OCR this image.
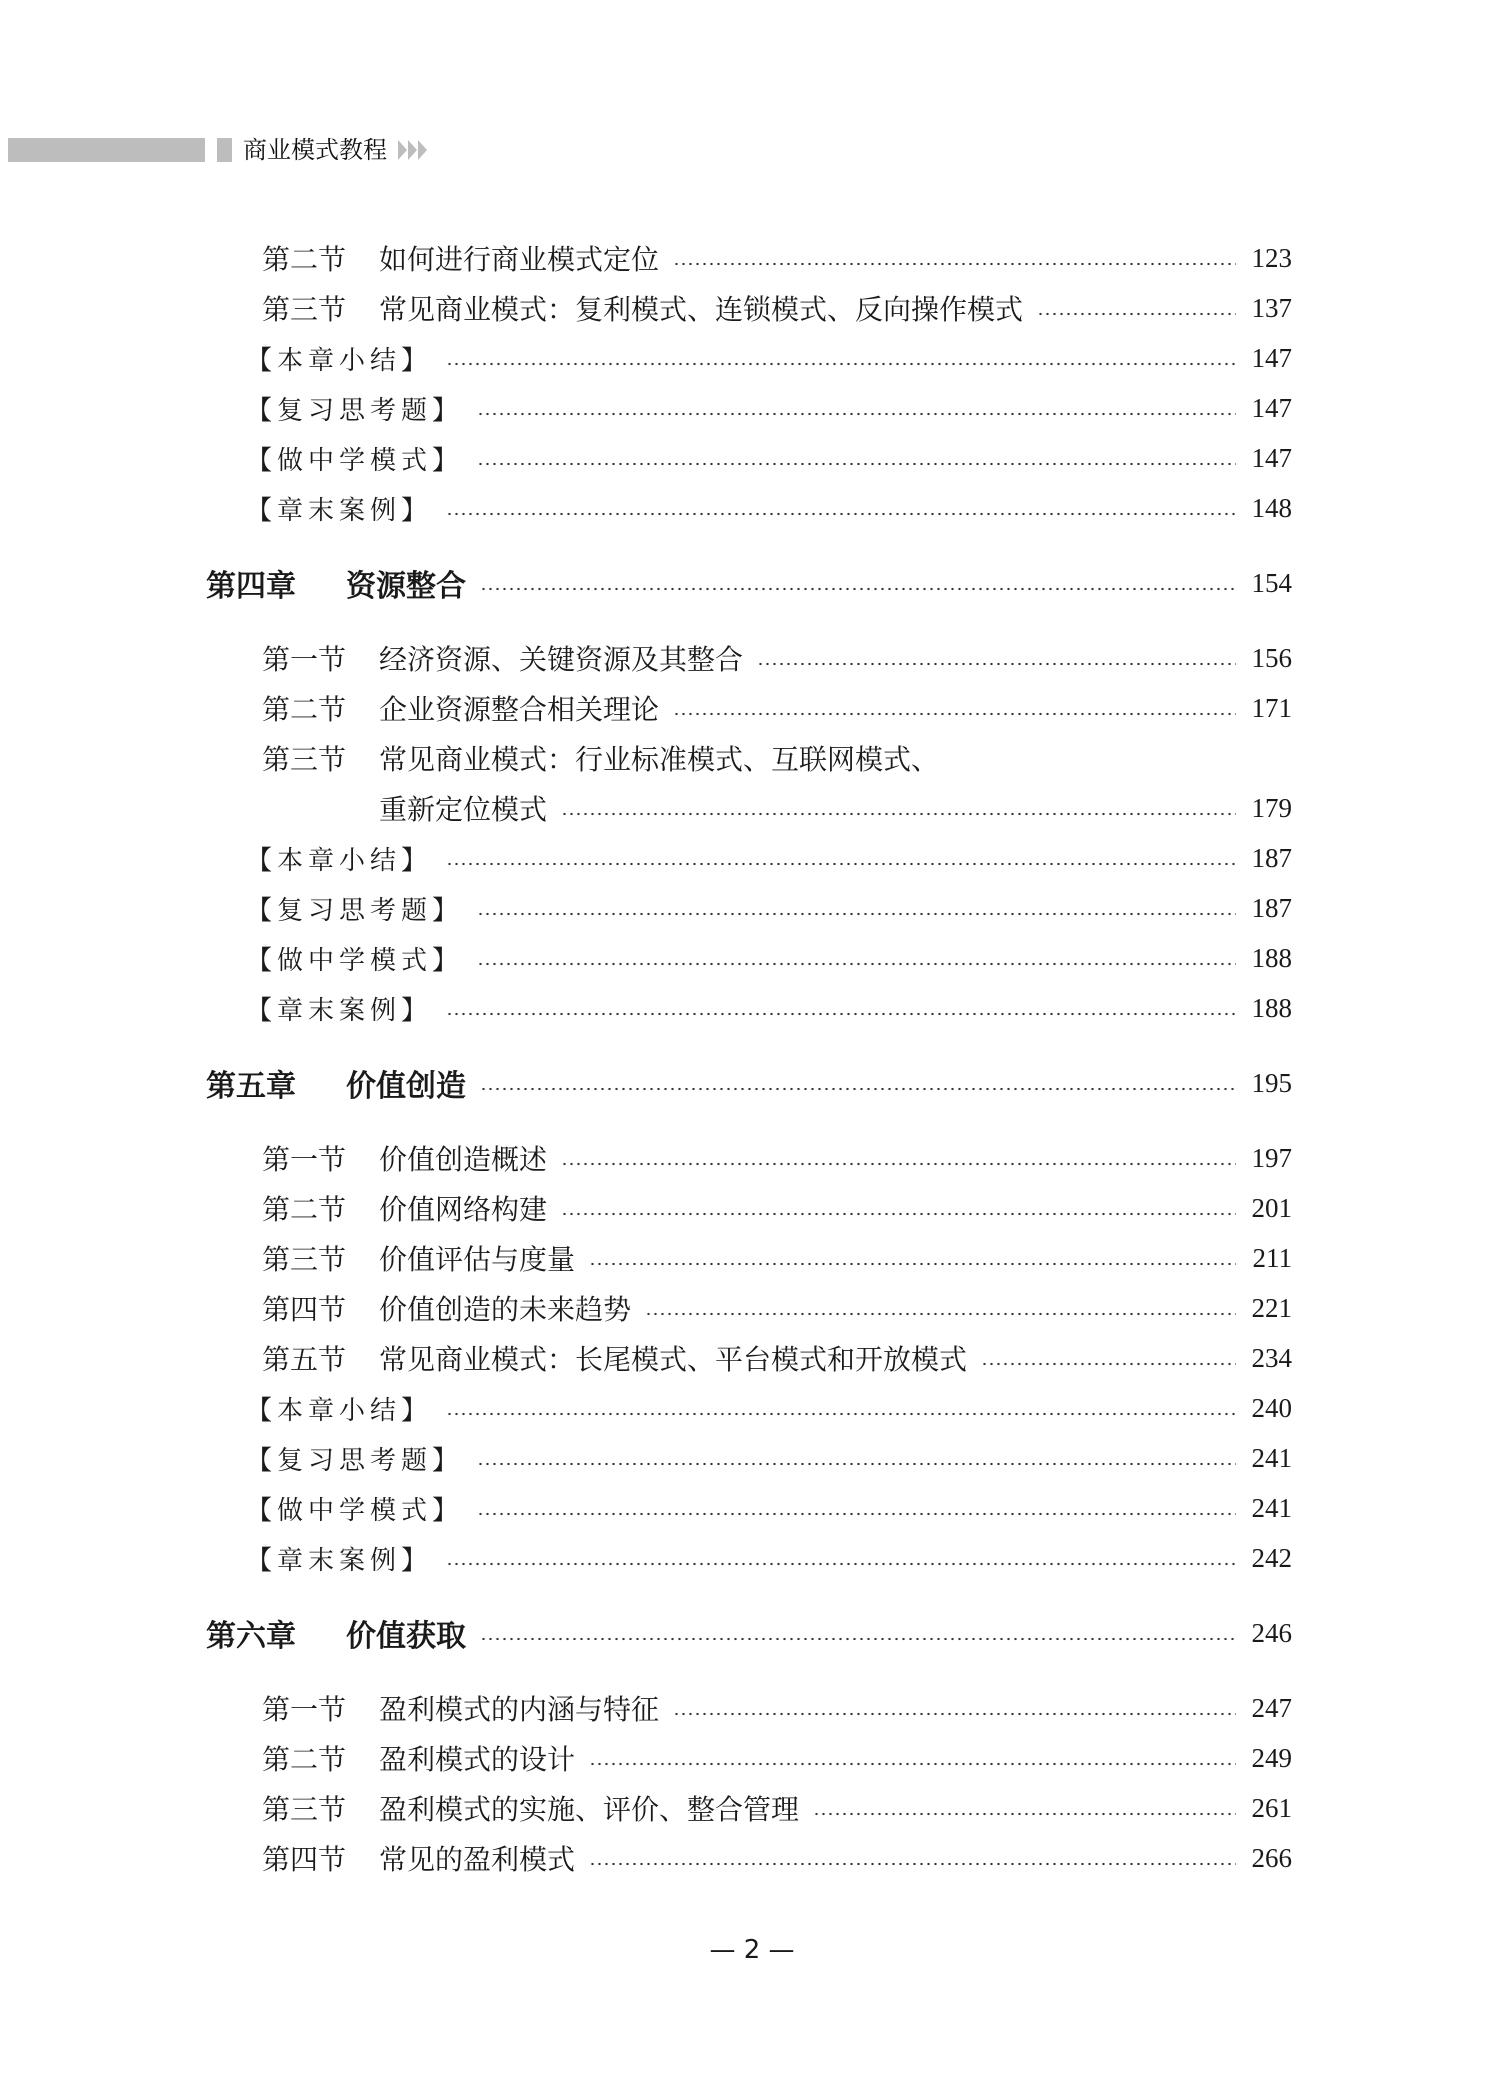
商业模式教程
第二节	如何进行商业模式定位	123
第三节	常见商业模式：复利模式、连锁模式、反向操作模式	137
【本章小结】	147
【复习思考题】	147
【做中学模式】	147
【章末案例】	148
第四章	资源整合	154
第一节	经济资源、关键资源及其整合	156
第二节	企业资源整合相关理论	171
第三节	常见商业模式：行业标准模式、互联网模式、
重新定位模式	179
【本章小结】	187
【复习思考题】	187
【做中学模式】	188
【章末案例】	188
第五章	价值创造	195
第一节	价值创造概述	197
第二节	价值网络构建	201
第三节	价值评估与度量	211
第四节	价值创造的未来趋势	221
第五节	常见商业模式：长尾模式、平台模式和开放模式	234
【本章小结】	240
【复习思考题】	241
【做中学模式】	241
【章末案例】	242
第六章	价值获取	246
第一节	盈利模式的内涵与特征	247
第二节	盈利模式的设计	249
第三节	盈利模式的实施、评价、整合管理	261
第四节	常见的盈利模式	266
— 2 —
